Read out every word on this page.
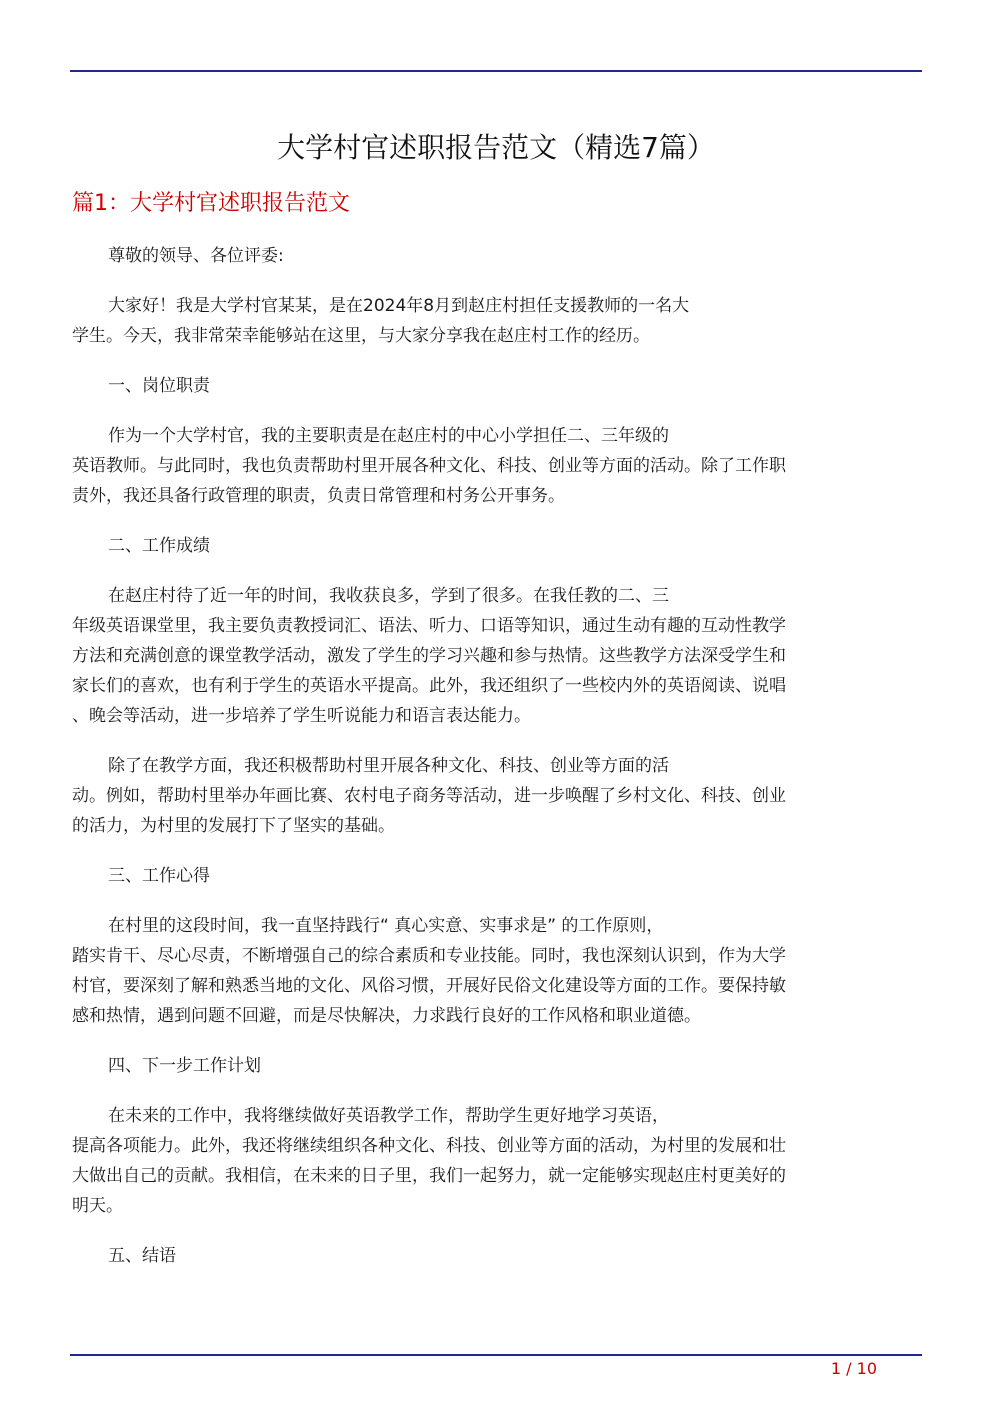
大学村官述职报告范文（精选7篇）
篇1：大学村官述职报告范文

尊敬的领导、各位评委:

大家好！我是大学村官某某，是在2024年8月到赵庄村担任支援教师的一名大
学生。今天，我非常荣幸能够站在这里，与大家分享我在赵庄村工作的经历。

一、岗位职责

作为一个大学村官，我的主要职责是在赵庄村的中心小学担任二、三年级的
英语教师。与此同时，我也负责帮助村里开展各种文化、科技、创业等方面的活动。除了工作职
责外，我还具备行政管理的职责，负责日常管理和村务公开事务。

二、工作成绩

在赵庄村待了近一年的时间，我收获良多，学到了很多。在我任教的二、三
年级英语课堂里，我主要负责教授词汇、语法、听力、口语等知识，通过生动有趣的互动性教学
方法和充满创意的课堂教学活动，激发了学生的学习兴趣和参与热情。这些教学方法深受学生和
家长们的喜欢，也有利于学生的英语水平提高。此外，我还组织了一些校内外的英语阅读、说唱
、晚会等活动，进一步培养了学生听说能力和语言表达能力。

除了在教学方面，我还积极帮助村里开展各种文化、科技、创业等方面的活
动。例如，帮助村里举办年画比赛、农村电子商务等活动，进一步唤醒了乡村文化、科技、创业
的活力，为村里的发展打下了坚实的基础。

三、工作心得

在村里的这段时间，我一直坚持践行“ 真心实意、实事求是” 的工作原则，
踏实肯干、尽心尽责，不断增强自己的综合素质和专业技能。同时，我也深刻认识到，作为大学
村官，要深刻了解和熟悉当地的文化、风俗习惯，开展好民俗文化建设等方面的工作。要保持敏
感和热情，遇到问题不回避，而是尽快解决，力求践行良好的工作风格和职业道德。

四、下一步工作计划

在未来的工作中，我将继续做好英语教学工作，帮助学生更好地学习英语，
提高各项能力。此外，我还将继续组织各种文化、科技、创业等方面的活动，为村里的发展和壮
大做出自己的贡献。我相信，在未来的日子里，我们一起努力，就一定能够实现赵庄村更美好的
明天。

五、结语

1 / 10
